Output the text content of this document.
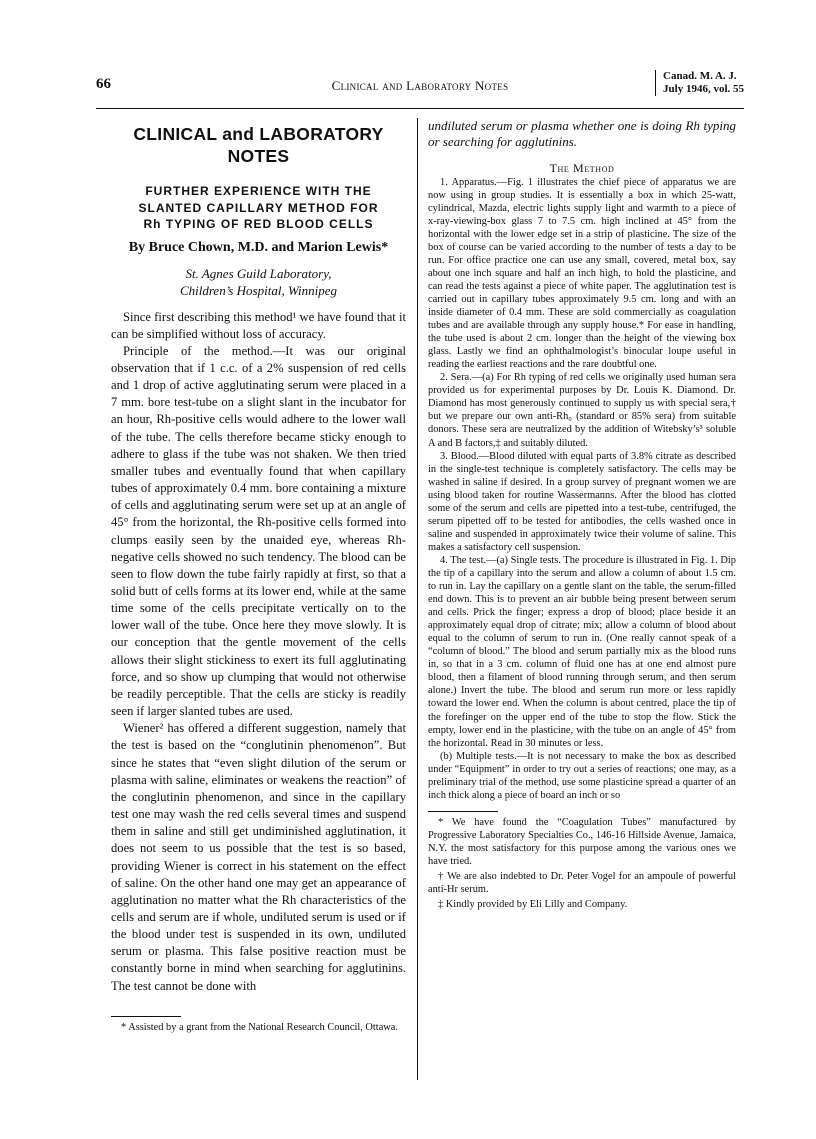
66	Clinical and Laboratory Notes
Canad. M. A. J.
July 1946, vol. 55
CLINICAL and LABORATORY
NOTES
FURTHER EXPERIENCE WITH THE
SLANTED CAPILLARY METHOD FOR
Rh TYPING OF RED BLOOD CELLS
By Bruce Chown, M.D. and Marion Lewis*
St. Agnes Guild Laboratory,
Children’s Hospital, Winnipeg

Since first describing this method¹ we have found that it can be simplified without loss of accuracy.

Principle of the method.—It was our original observation that if 1 c.c. of a 2% suspension of red cells and 1 drop of active agglutinating serum were placed in a 7 mm. bore test-tube on a slight slant in the incubator for an hour, Rh-positive cells would adhere to the lower wall of the tube. The cells therefore became sticky enough to adhere to glass if the tube was not shaken. We then tried smaller tubes and eventually found that when capillary tubes of approximately 0.4 mm. bore containing a mixture of cells and agglutinating serum were set up at an angle of 45° from the horizontal, the Rh-positive cells formed into clumps easily seen by the unaided eye, whereas Rh-negative cells showed no such tendency. The blood can be seen to flow down the tube fairly rapidly at first, so that a solid butt of cells forms at its lower end, while at the same time some of the cells precipitate vertically on to the lower wall of the tube. Once here they move slowly. It is our conception that the gentle movement of the cells allows their slight stickiness to exert its full agglutinating force, and so show up clumping that would not otherwise be readily perceptible. That the cells are sticky is readily seen if larger slanted tubes are used.

Wiener² has offered a different suggestion, namely that the test is based on the “conglutinin phenomenon”. But since he states that “even slight dilution of the serum or plasma with saline, eliminates or weakens the reaction” of the conglutinin phenomenon, and since in the capillary test one may wash the red cells several times and suspend them in saline and still get undiminished agglutination, it does not seem to us possible that the test is so based, providing Wiener is correct in his statement on the effect of saline. On the other hand one may get an appearance of agglutination no matter what the Rh characteristics of the cells and serum are if whole, undiluted serum is used or if the blood under test is suspended in its own, undiluted serum or plasma. This false positive reaction must be constantly borne in mind when searching for agglutinins. The test cannot be done with

* Assisted by a grant from the National Research Council, Ottawa.

undiluted serum or plasma whether one is doing Rh typing or searching for agglutinins.

The Method

1. Apparatus.—Fig. 1 illustrates the chief piece of apparatus we are now using in group studies. It is essentially a box in which 25-watt, cylindrical, Mazda, electric lights supply light and warmth to a piece of x-ray-viewing-box glass 7 to 7.5 cm. high inclined at 45° from the horizontal with the lower edge set in a strip of plasticine. The size of the box of course can be varied according to the number of tests a day to be run. For office practice one can use any small, covered, metal box, say about one inch square and half an inch high, to hold the plasticine, and can read the tests against a piece of white paper. The agglutination test is carried out in capillary tubes approximately 9.5 cm. long and with an inside diameter of 0.4 mm. These are sold commercially as coagulation tubes and are available through any supply house.* For ease in handling, the tube used is about 2 cm. longer than the height of the viewing box glass. Lastly we find an ophthalmologist’s binocular loupe useful in reading the earliest reactions and the rare doubtful one.

2. Sera.—(a) For Rh typing of red cells we originally used human sera provided us for experimental purposes by Dr. Louis K. Diamond. Dr. Diamond has most generously continued to supply us with special sera,† but we prepare our own anti-Rh₀ (standard or 85% sera) from suitable donors. These sera are neutralized by the addition of Witebsky’s³ soluble A and B factors,‡ and suitably diluted.

3. Blood.—Blood diluted with equal parts of 3.8% citrate as described in the single-test technique is completely satisfactory. The cells may be washed in saline if desired. In a group survey of pregnant women we are using blood taken for routine Wassermanns. After the blood has clotted some of the serum and cells are pipetted into a test-tube, centrifuged, the serum pipetted off to be tested for antibodies, the cells washed once in saline and suspended in approximately twice their volume of saline. This makes a satisfactory cell suspension.

4. The test.—(a) Single tests. The procedure is illustrated in Fig. 1. Dip the tip of a capillary into the serum and allow a column of about 1.5 cm. to run in. Lay the capillary on a gentle slant on the table, the serum-filled end down. This is to prevent an air bubble being present between serum and cells. Prick the finger; express a drop of blood; place beside it an approximately equal drop of citrate; mix; allow a column of blood about equal to the column of serum to run in. (One really cannot speak of a “column of blood.” The blood and serum partially mix as the blood runs in, so that in a 3 cm. column of fluid one has at one end almost pure blood, then a filament of blood running through serum, and then serum alone.) Invert the tube. The blood and serum run more or less rapidly toward the lower end. When the column is about centred, place the tip of the forefinger on the upper end of the tube to stop the flow. Stick the empty, lower end in the plasticine, with the tube on an angle of 45° from the horizontal. Read in 30 minutes or less.

(b) Multiple tests.—It is not necessary to make the box as described under “Equipment” in order to try out a series of reactions; one may, as a preliminary trial of the method, use some plasticine spread a quarter of an inch thick along a piece of board an inch or so

* We have found the “Coagulation Tubes” manufactured by Progressive Laboratory Specialties Co., 146-16 Hillside Avenue, Jamaica, N.Y. the most satisfactory for this purpose among the various ones we have tried.

† We are also indebted to Dr. Peter Vogel for an ampoule of powerful anti-Hr serum.

‡ Kindly provided by Eli Lilly and Company.
